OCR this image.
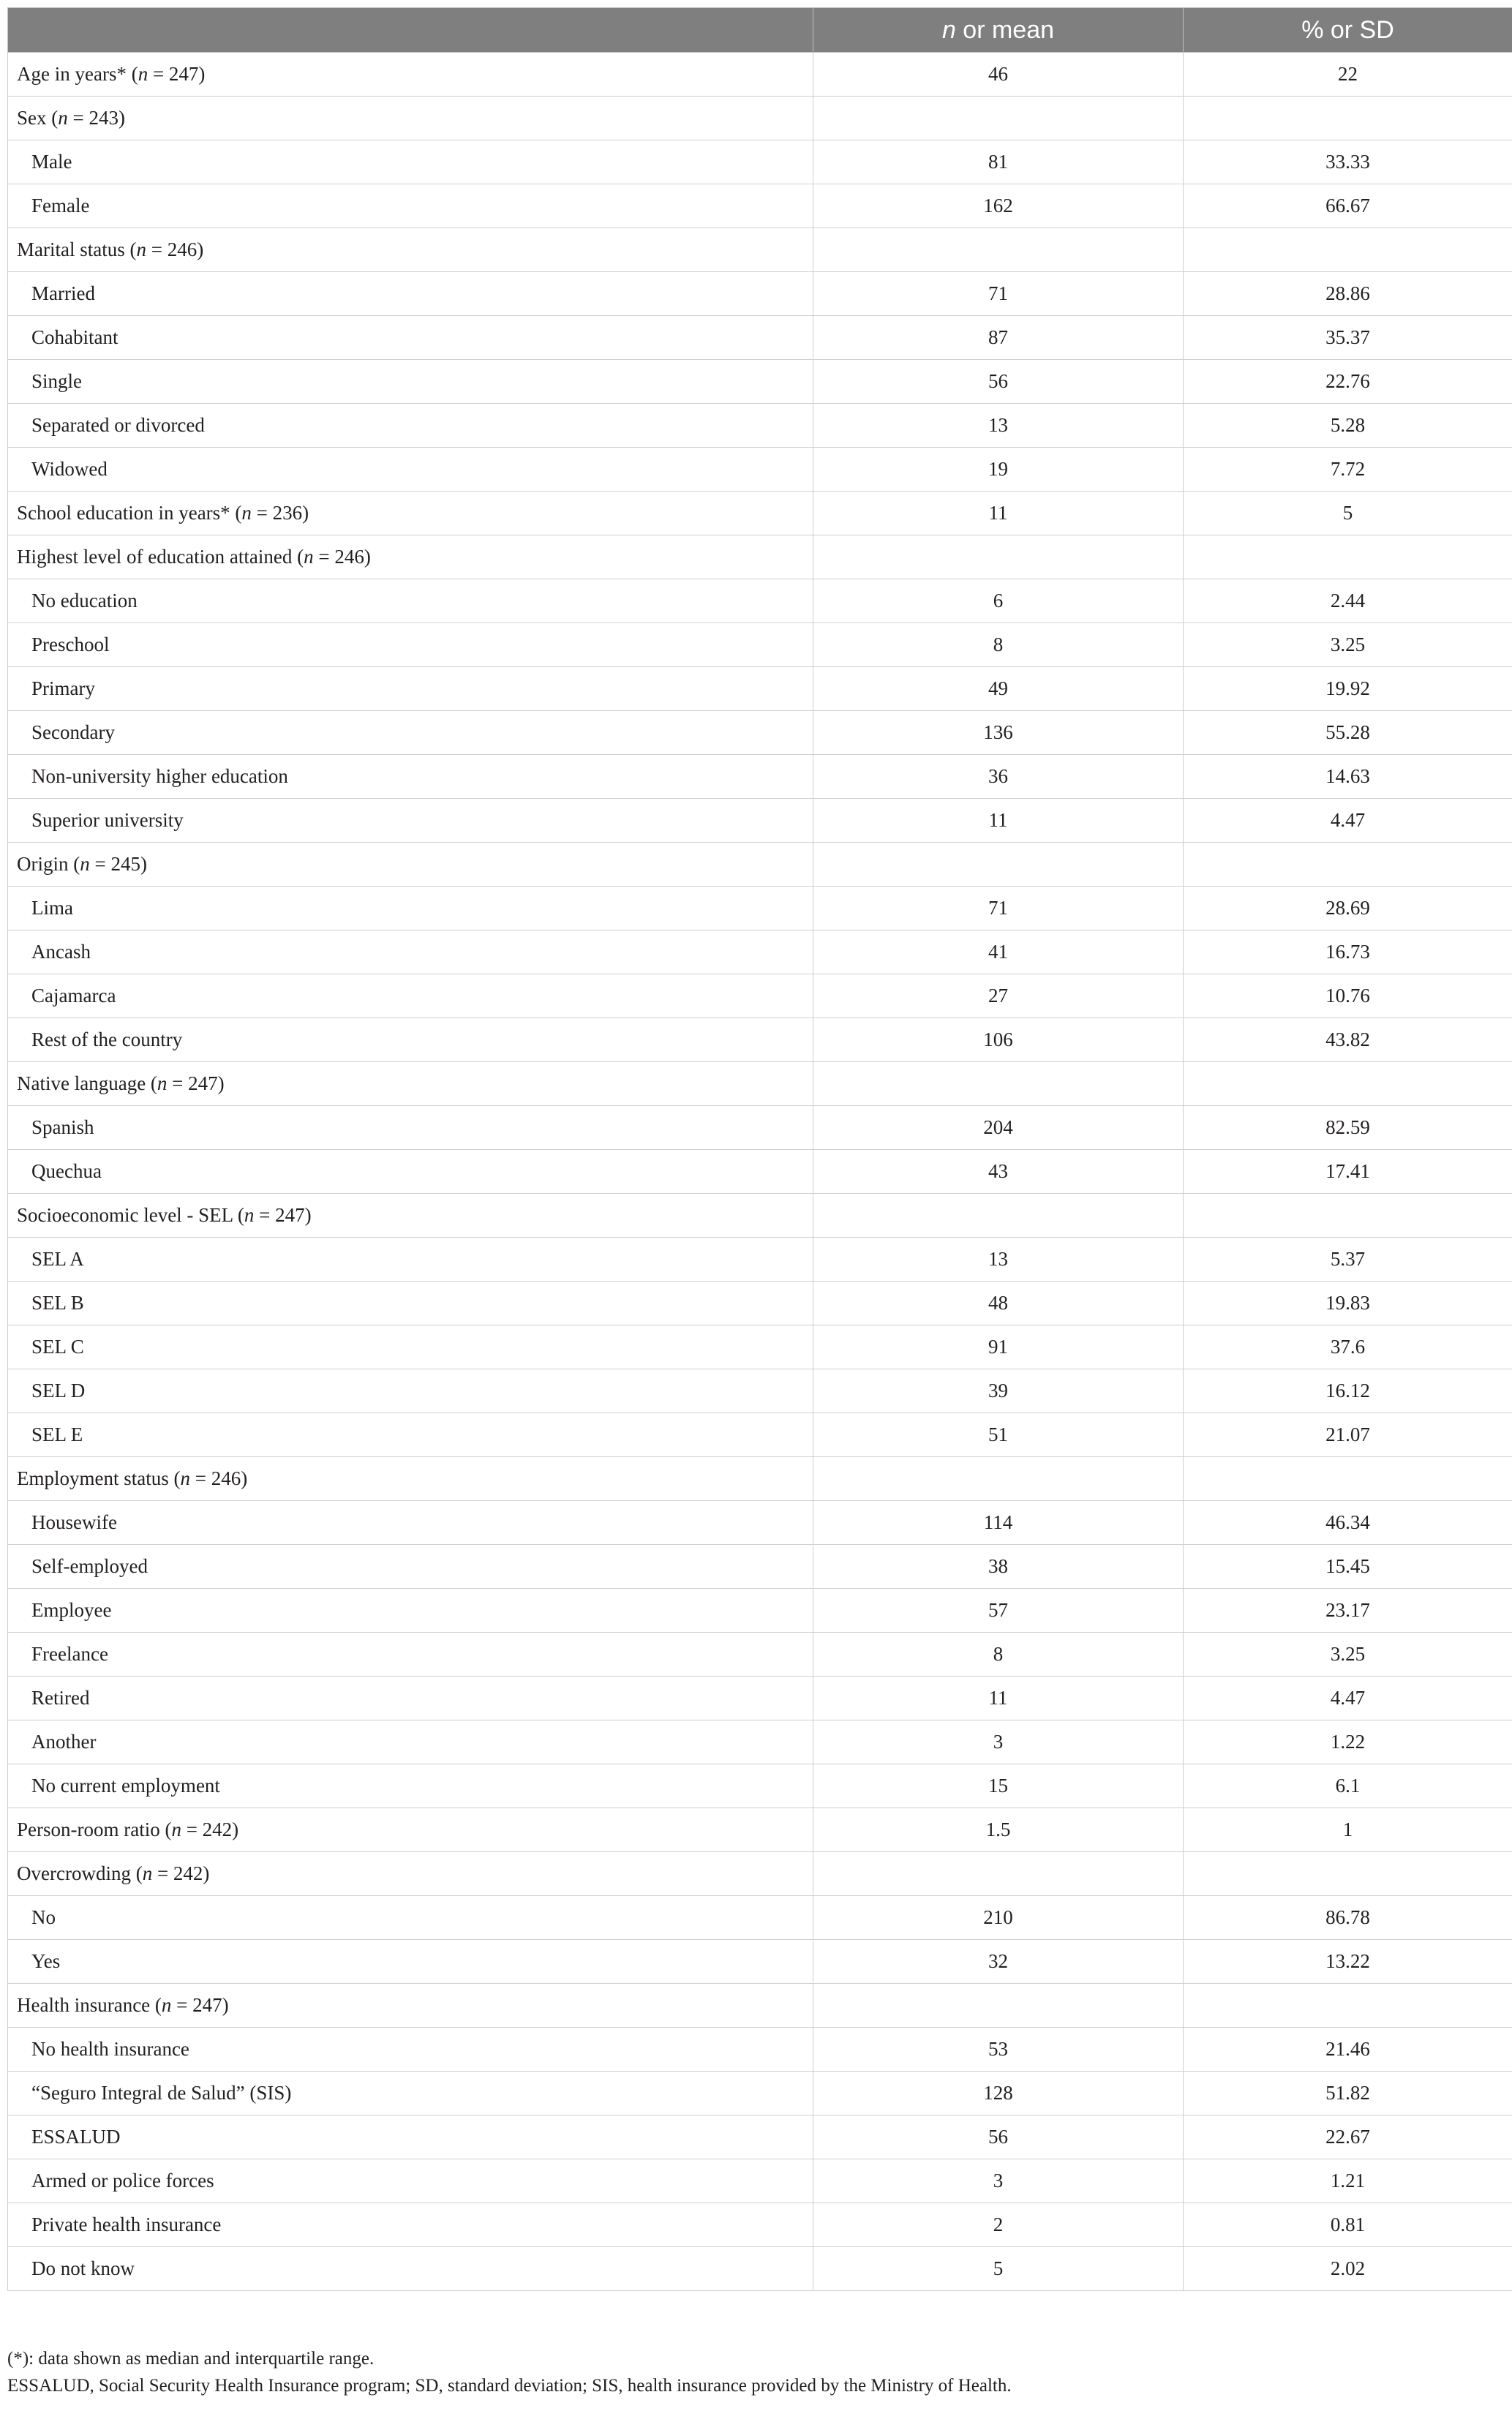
	n or mean	% or SD
Age in years* (n = 247)	46	22
Sex (n = 243)		
Male	81	33.33
Female	162	66.67
Marital status (n = 246)		
Married	71	28.86
Cohabitant	87	35.37
Single	56	22.76
Separated or divorced	13	5.28
Widowed	19	7.72
School education in years* (n = 236)	11	5
Highest level of education attained (n = 246)		
No education	6	2.44
Preschool	8	3.25
Primary	49	19.92
Secondary	136	55.28
Non-university higher education	36	14.63
Superior university	11	4.47
Origin (n = 245)		
Lima	71	28.69
Ancash	41	16.73
Cajamarca	27	10.76
Rest of the country	106	43.82
Native language (n = 247)		
Spanish	204	82.59
Quechua	43	17.41
Socioeconomic level - SEL (n = 247)		
SEL A	13	5.37
SEL B	48	19.83
SEL C	91	37.6
SEL D	39	16.12
SEL E	51	21.07
Employment status (n = 246)		
Housewife	114	46.34
Self-employed	38	15.45
Employee	57	23.17
Freelance	8	3.25
Retired	11	4.47
Another	3	1.22
No current employment	15	6.1
Person-room ratio (n = 242)	1.5	1
Overcrowding (n = 242)		
No	210	86.78
Yes	32	13.22
Health insurance (n = 247)		
No health insurance	53	21.46
“Seguro Integral de Salud” (SIS)	128	51.82
ESSALUD	56	22.67
Armed or police forces	3	1.21
Private health insurance	2	0.81
Do not know	5	2.02
(*): data shown as median and interquartile range.
ESSALUD, Social Security Health Insurance program; SD, standard deviation; SIS, health insurance provided by the Ministry of Health.
